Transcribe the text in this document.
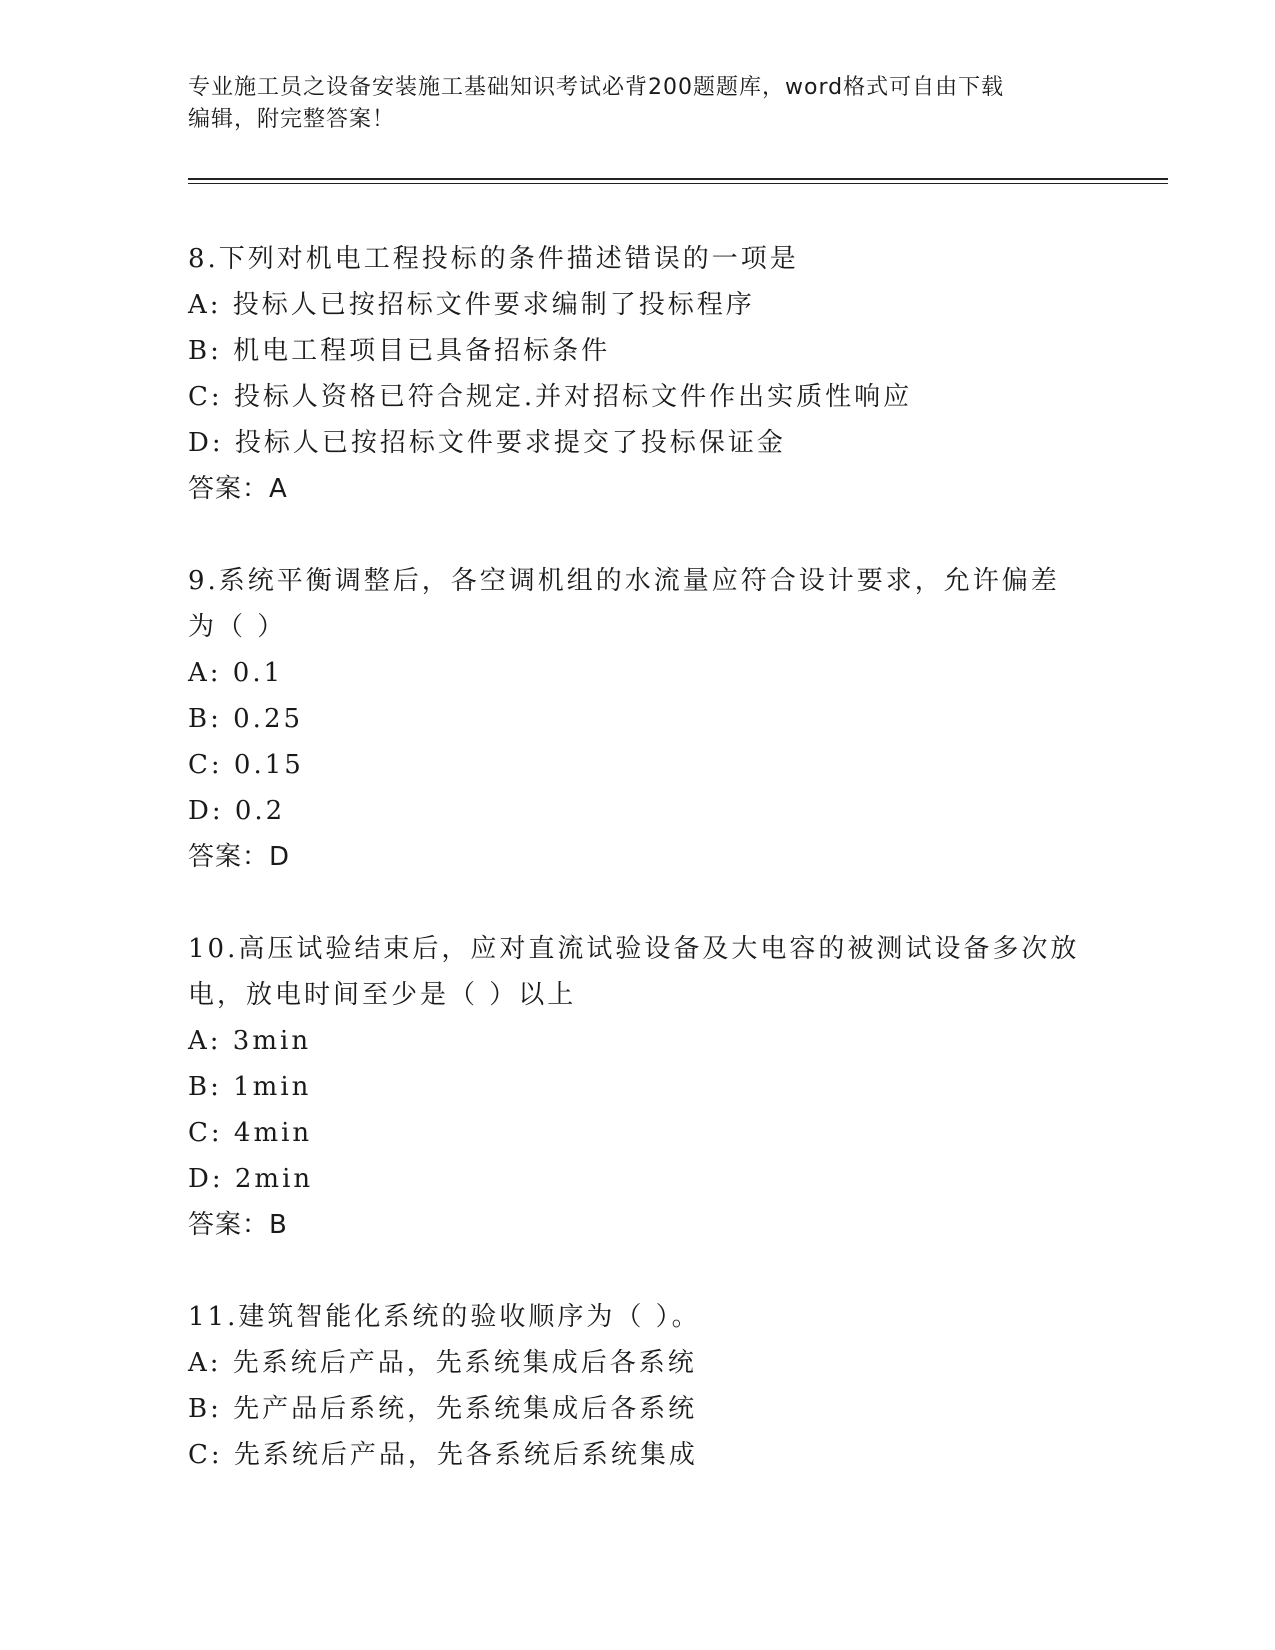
专业施工员之设备安装施工基础知识考试必背200题题库，word格式可自由下载
编辑，附完整答案！

8.下列对机电工程投标的条件描述错误的一项是

A: 投标人已按招标文件要求编制了投标程序

B: 机电工程项目已具备招标条件

C: 投标人资格已符合规定.并对招标文件作出实质性响应

D: 投标人已按招标文件要求提交了投标保证金

答案：A

9.系统平衡调整后，各空调机组的水流量应符合设计要求，允许偏差

为（ ）

A: 0.1

B: 0.25

C: 0.15

D: 0.2

答案：D

10.高压试验结束后，应对直流试验设备及大电容的被测试设备多次放

电，放电时间至少是（ ）以上

A: 3min

B: 1min

C: 4min

D: 2min

答案：B

11.建筑智能化系统的验收顺序为（ ）。

A: 先系统后产品，先系统集成后各系统

B: 先产品后系统，先系统集成后各系统

C: 先系统后产品，先各系统后系统集成
